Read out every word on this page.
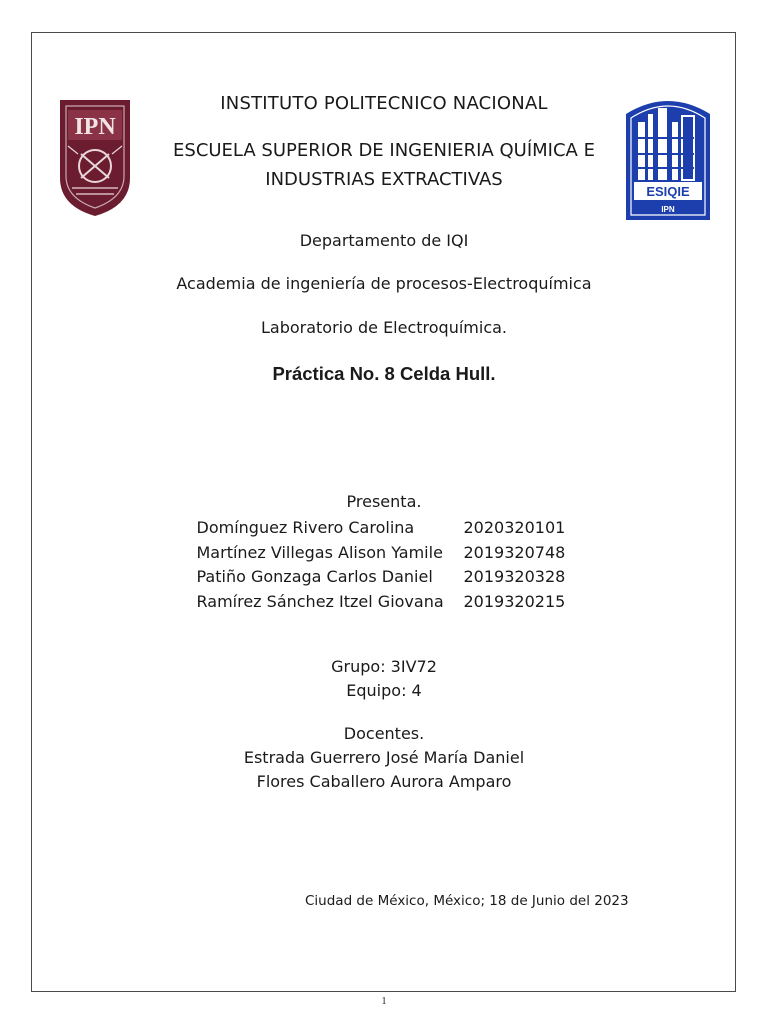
IPN
ESIQIE
IPN
INSTITUTO POLITECNICO NACIONAL
ESCUELA SUPERIOR DE INGENIERIA QUÍMICA E
INDUSTRIAS EXTRACTIVAS
Departamento de IQI
Academia de ingeniería de procesos-Electroquímica
Laboratorio de Electroquímica.
Práctica No. 8 Celda Hull.
Presenta.
Domínguez Rivero Carolina	2020320101
Martínez Villegas Alison Yamile	2019320748
Patiño Gonzaga Carlos Daniel	2019320328
Ramírez Sánchez Itzel Giovana	2019320215
Grupo: 3IV72
Equipo: 4
Docentes.
Estrada Guerrero José María Daniel
Flores Caballero Aurora Amparo
Ciudad de México, México; 18 de Junio del 2023
1
